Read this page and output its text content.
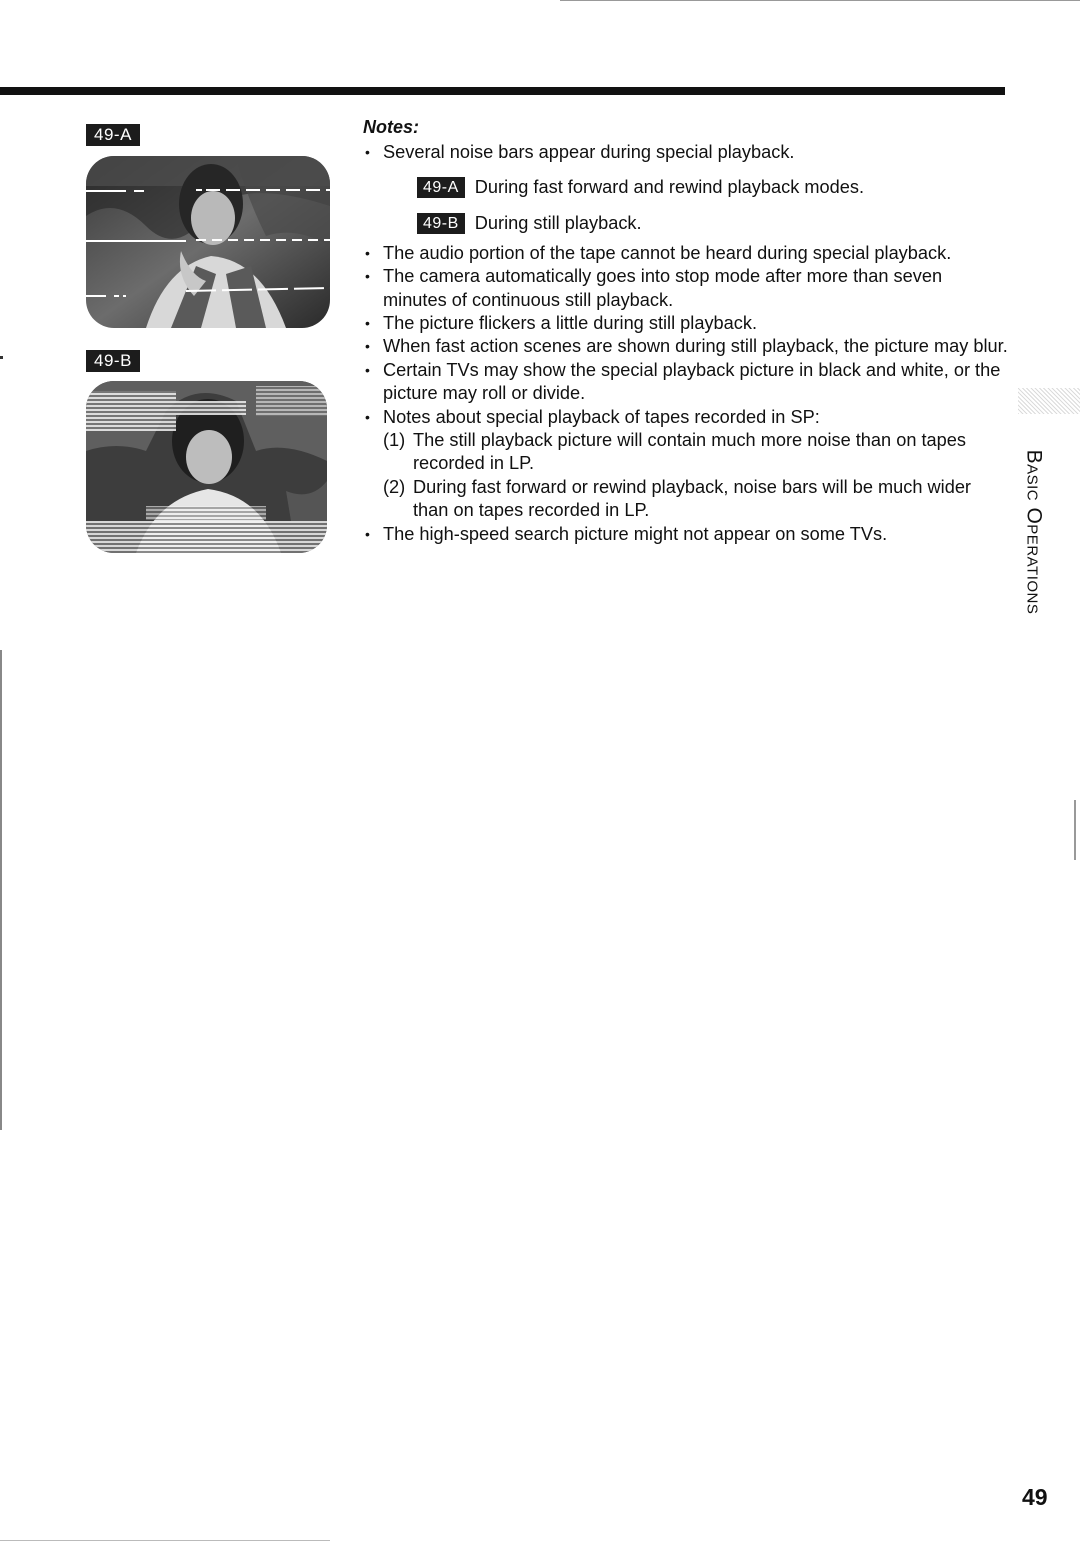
49-A
49-B
Notes:
• Several noise bars appear during special playback.
49-A During fast forward and rewind playback modes.
49-B During still playback.
• The audio portion of the tape cannot be heard during special playback.
• The camera automatically goes into stop mode after more than seven minutes of continuous still playback.
• The picture flickers a little during still playback.
• When fast action scenes are shown during still playback, the picture may blur.
• Certain TVs may show the special playback picture in black and white, or the picture may roll or divide.
• Notes about special playback of tapes recorded in SP:
(1) The still playback picture will contain much more noise than on tapes recorded in LP.
(2) During fast forward or rewind playback, noise bars will be much wider than on tapes recorded in LP.
• The high-speed search picture might not appear on some TVs.	Basic Operations
49
